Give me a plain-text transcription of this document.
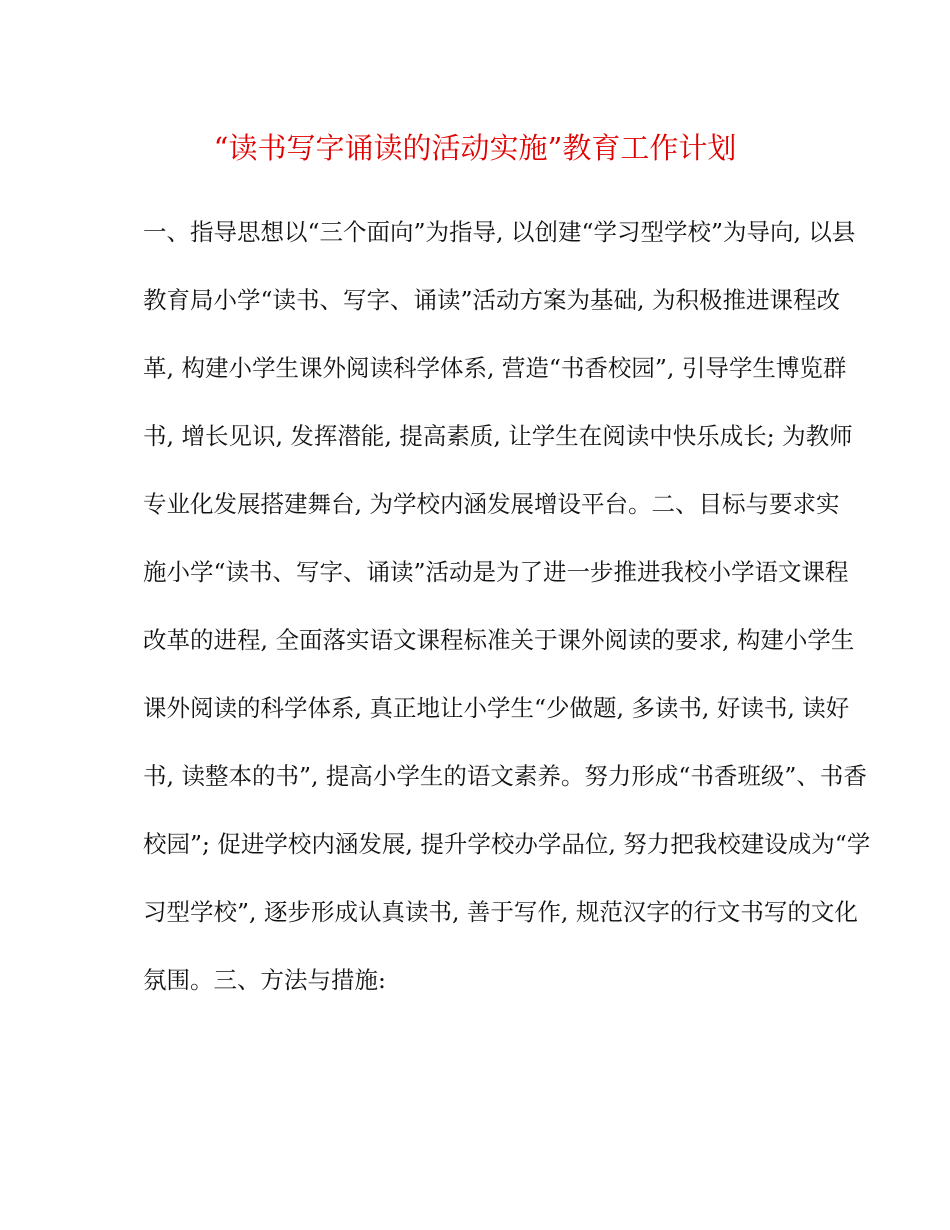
“读书写字诵读的活动实施”教育工作计划
一、指导思想以“三个面向”为指导, 以创建“学习型学校”为导向, 以县
教育局小学“读书、写字、诵读”活动方案为基础, 为积极推进课程改
革, 构建小学生课外阅读科学体系, 营造“书香校园”, 引导学生博览群
书, 增长见识, 发挥潜能, 提高素质, 让学生在阅读中快乐成长; 为教师
专业化发展搭建舞台, 为学校内涵发展增设平台。二、目标与要求实
施小学“读书、写字、诵读”活动是为了进一步推进我校小学语文课程
改革的进程, 全面落实语文课程标准关于课外阅读的要求, 构建小学生
课外阅读的科学体系, 真正地让小学生“少做题, 多读书, 好读书, 读好
书, 读整本的书”, 提高小学生的语文素养。努力形成“书香班级”、书香
校园”; 促进学校内涵发展, 提升学校办学品位, 努力把我校建设成为“学
习型学校”, 逐步形成认真读书, 善于写作, 规范汉字的行文书写的文化
氛围。三、方法与措施:
